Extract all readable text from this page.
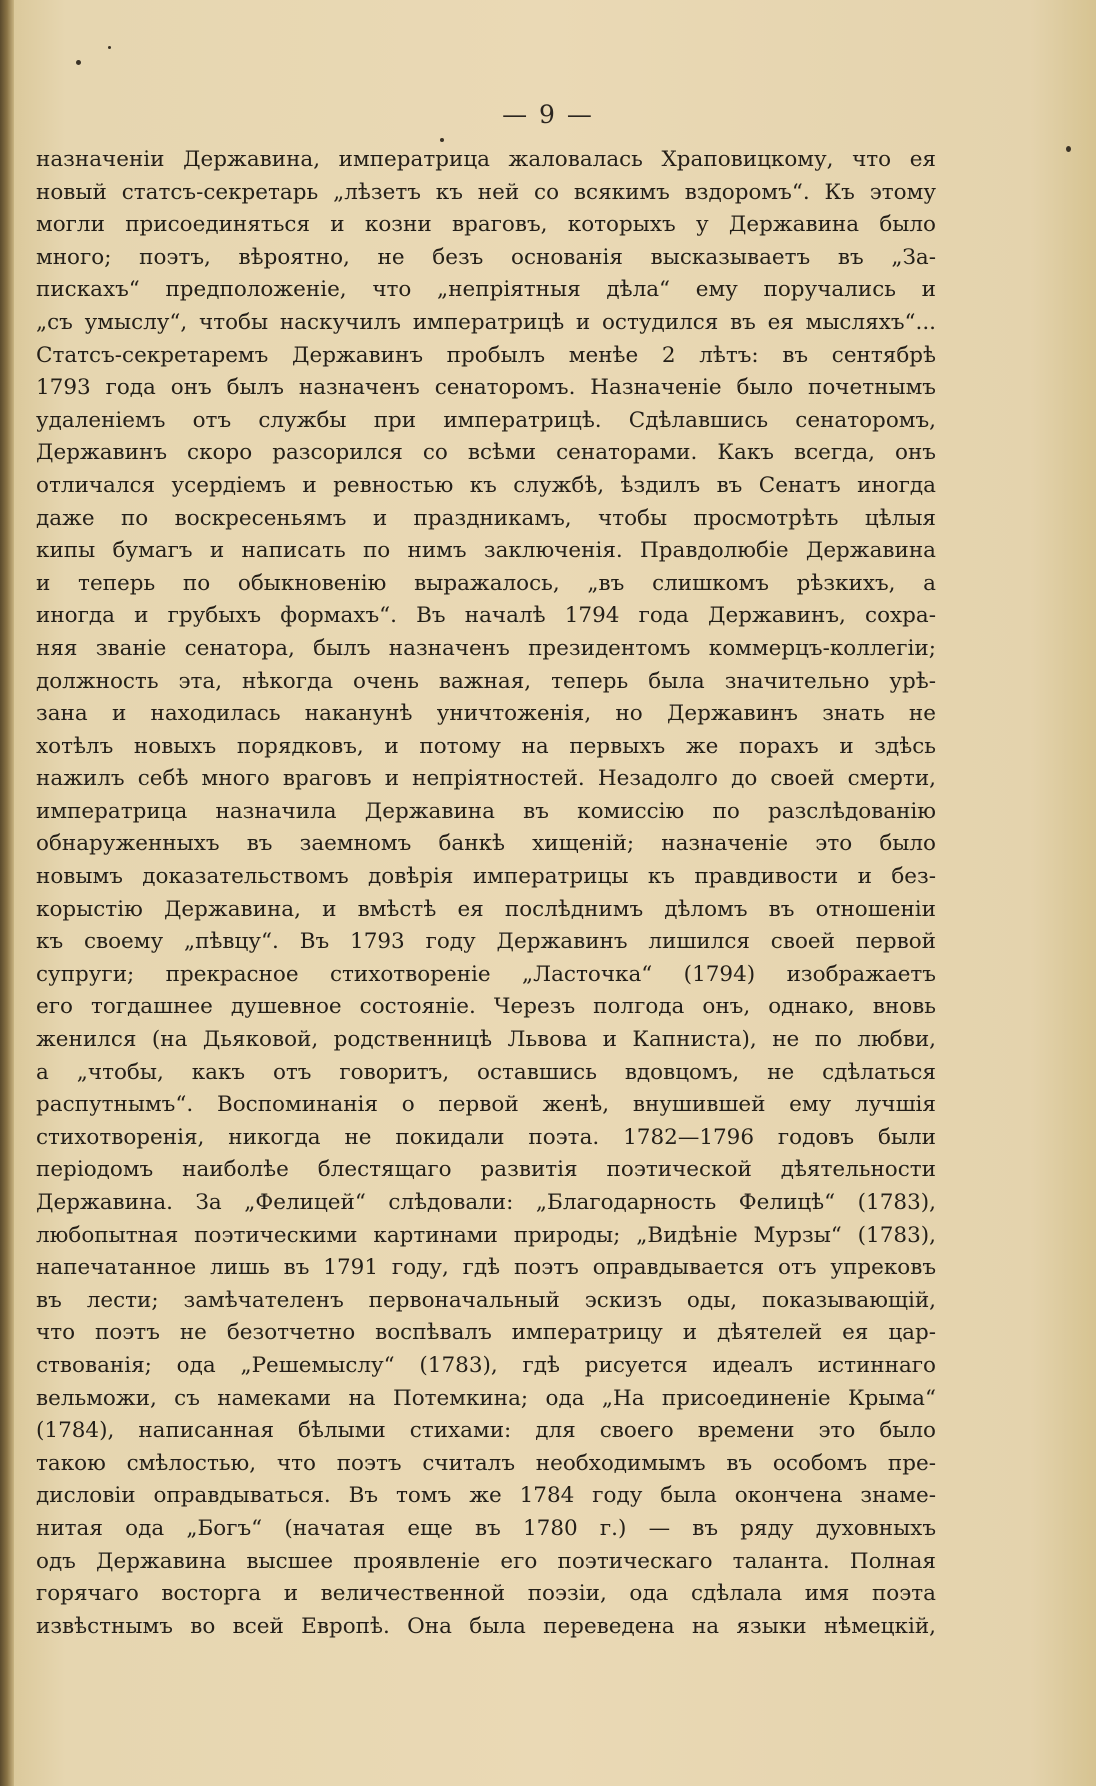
— 9 —
назначеніи Державина, императрица жаловалась Храповицкому, что ея
новый статсъ-секретарь „лѣзетъ къ ней со всякимъ вздоромъ“. Къ этому
могли присоединяться и козни враговъ, которыхъ у Державина было
много; поэтъ, вѣроятно, не безъ основанія высказываетъ въ „За-
пискахъ“ предположеніе, что „непріятныя дѣла“ ему поручались и
„съ умыслу“, чтобы наскучилъ императрицѣ и остудился въ ея мысляхъ“...
Статсъ-секретаремъ Державинъ пробылъ менѣе 2 лѣтъ: въ сентябрѣ
1793 года онъ былъ назначенъ сенаторомъ. Назначеніе было почетнымъ
удаленіемъ отъ службы при императрицѣ. Сдѣлавшись сенаторомъ,
Державинъ скоро разсорился со всѣми сенаторами. Какъ всегда, онъ
отличался усердіемъ и ревностью къ службѣ, ѣздилъ въ Сенатъ иногда
даже по воскресеньямъ и праздникамъ, чтобы просмотрѣть цѣлыя
кипы бумагъ и написать по нимъ заключенія. Правдолюбіе Державина
и теперь по обыкновенію выражалось, „въ слишкомъ рѣзкихъ, а
иногда и грубыхъ формахъ“. Въ началѣ 1794 года Державинъ, сохра-
няя званіе сенатора, былъ назначенъ президентомъ коммерцъ-коллегіи;
должность эта, нѣкогда очень важная, теперь была значительно урѣ-
зана и находилась наканунѣ уничтоженія, но Державинъ знать не
хотѣлъ новыхъ порядковъ, и потому на первыхъ же порахъ и здѣсь
нажилъ себѣ много враговъ и непріятностей. Незадолго до своей смерти,
императрица назначила Державина въ комиссію по разслѣдованію
обнаруженныхъ въ заемномъ банкѣ хищеній; назначеніе это было
новымъ доказательствомъ довѣрія императрицы къ правдивости и без-
корыстію Державина, и вмѣстѣ ея послѣднимъ дѣломъ въ отношеніи
къ своему „пѣвцу“. Въ 1793 году Державинъ лишился своей первой
супруги; прекрасное стихотвореніе „Ласточка“ (1794) изображаетъ
его тогдашнее душевное состояніе. Черезъ полгода онъ, однако, вновь
женился (на Дьяковой, родственницѣ Львова и Капниста), не по любви,
а „чтобы, какъ отъ говоритъ, оставшись вдовцомъ, не сдѣлаться
распутнымъ“. Воспоминанія о первой женѣ, внушившей ему лучшія
стихотворенія, никогда не покидали поэта. 1782—1796 годовъ были
періодомъ наиболѣе блестящаго развитія поэтической дѣятельности
Державина. За „Фелицей“ слѣдовали: „Благодарность Фелицѣ“ (1783),
любопытная поэтическими картинами природы; „Видѣніе Мурзы“ (1783),
напечатанное лишь въ 1791 году, гдѣ поэтъ оправдывается отъ упрековъ
въ лести; замѣчателенъ первоначальный эскизъ оды, показывающій,
что поэтъ не безотчетно воспѣвалъ императрицу и дѣятелей ея цар-
ствованія; ода „Решемыслу“ (1783), гдѣ рисуется идеалъ истиннаго
вельможи, съ намеками на Потемкина; ода „На присоединеніе Крыма“
(1784), написанная бѣлыми стихами: для своего времени это было
такою смѣлостью, что поэтъ считалъ необходимымъ въ особомъ пре-
дисловіи оправдываться. Въ томъ же 1784 году была окончена знаме-
нитая ода „Богъ“ (начатая еще въ 1780 г.) — въ ряду духовныхъ
одъ Державина высшее проявленіе его поэтическаго таланта. Полная
горячаго восторга и величественной поэзіи, ода сдѣлала имя поэта
извѣстнымъ во всей Европѣ. Она была переведена на языки нѣмецкій,
